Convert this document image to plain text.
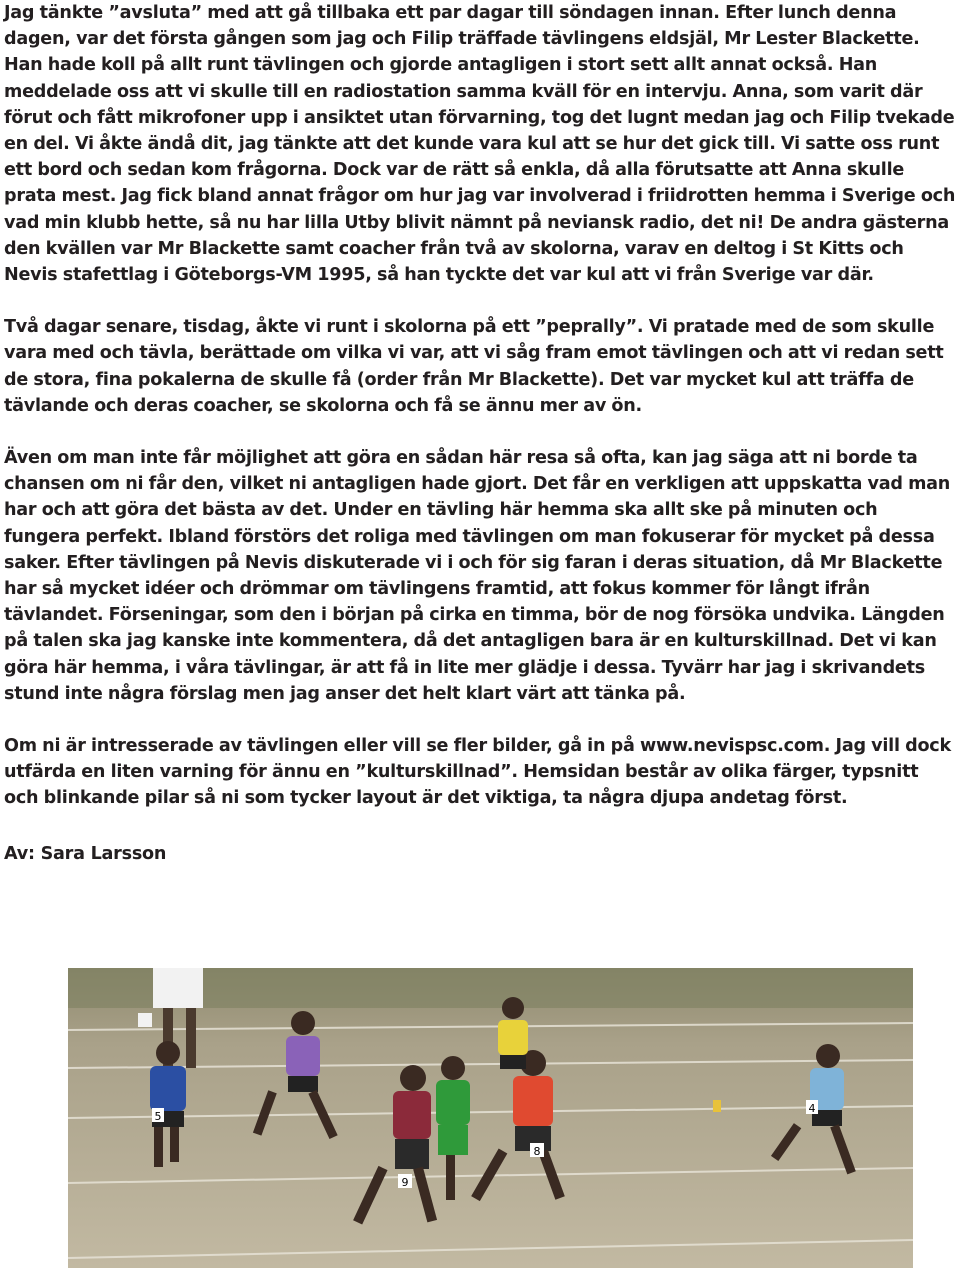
Jag tänkte ”avsluta” med att gå tillbaka ett par dagar till söndagen innan. Efter lunch denna dagen, var det första gången som jag och Filip träffade tävlingens eldsjäl, Mr Lester Blackette. Han hade koll på allt runt tävlingen och gjorde antagligen i stort sett allt annat också. Han meddelade oss att vi skulle till en radiostation samma kväll för en intervju. Anna, som varit där förut och fått mikrofoner upp i ansiktet utan förvarning, tog det lugnt medan jag och Filip tvekade en del. Vi åkte ändå dit, jag tänkte att det kunde vara kul att se hur det gick till. Vi satte oss runt ett bord och sedan kom frågorna. Dock var de rätt så enkla, då alla förutsatte att Anna skulle prata mest. Jag fick bland annat frågor om hur jag var involverad i friidrotten hemma i Sverige och vad min klubb hette, så nu har lilla Utby blivit nämnt på neviansk radio, det ni! De andra gästerna den kvällen var Mr Blackette samt coacher från två av skolorna, varav en deltog i St Kitts och Nevis stafettlag i Göteborgs-VM 1995, så han tyckte det var kul att vi från Sverige var där.

Två dagar senare, tisdag, åkte vi runt i skolorna på ett ”peprally”. Vi pratade med de som skulle vara med och tävla, berättade om vilka vi var, att vi såg fram emot tävlingen och att vi redan sett de stora, fina pokalerna de skulle få (order från Mr Blackette). Det var mycket kul att träffa de tävlande och deras coacher, se skolorna och få se ännu mer av ön.

Även om man inte får möjlighet att göra en sådan här resa så ofta, kan jag säga att ni borde ta chansen om ni får den, vilket ni antagligen hade gjort. Det får en verkligen att uppskatta vad man har och att göra det bästa av det. Under en tävling här hemma ska allt ske på minuten och fungera perfekt. Ibland förstörs det roliga med tävlingen om man fokuserar för mycket på dessa saker. Efter tävlingen på Nevis diskuterade vi i och för sig faran i deras situation, då Mr Blackette har så mycket idéer och drömmar om tävlingens framtid, att fokus kommer för långt ifrån tävlandet. Förseningar, som den i början på cirka en timma, bör de nog försöka undvika. Längden på talen ska jag kanske inte kommentera, då det antagligen bara är en kulturskillnad. Det vi kan göra här hemma, i våra tävlingar, är att få in lite mer glädje i dessa. Tyvärr har jag i skrivandets stund inte några förslag men jag anser det helt klart värt att tänka på.

Om ni är intresserade av tävlingen eller vill se fler bilder, gå in på www.nevispsc.com. Jag vill dock utfärda en liten varning för ännu en ”kulturskillnad”. Hemsidan består av olika färger, typsnitt och blinkande pilar så ni som tycker layout är det viktiga, ta några djupa andetag först.

Av: Sara Larsson

5
9
8
4
